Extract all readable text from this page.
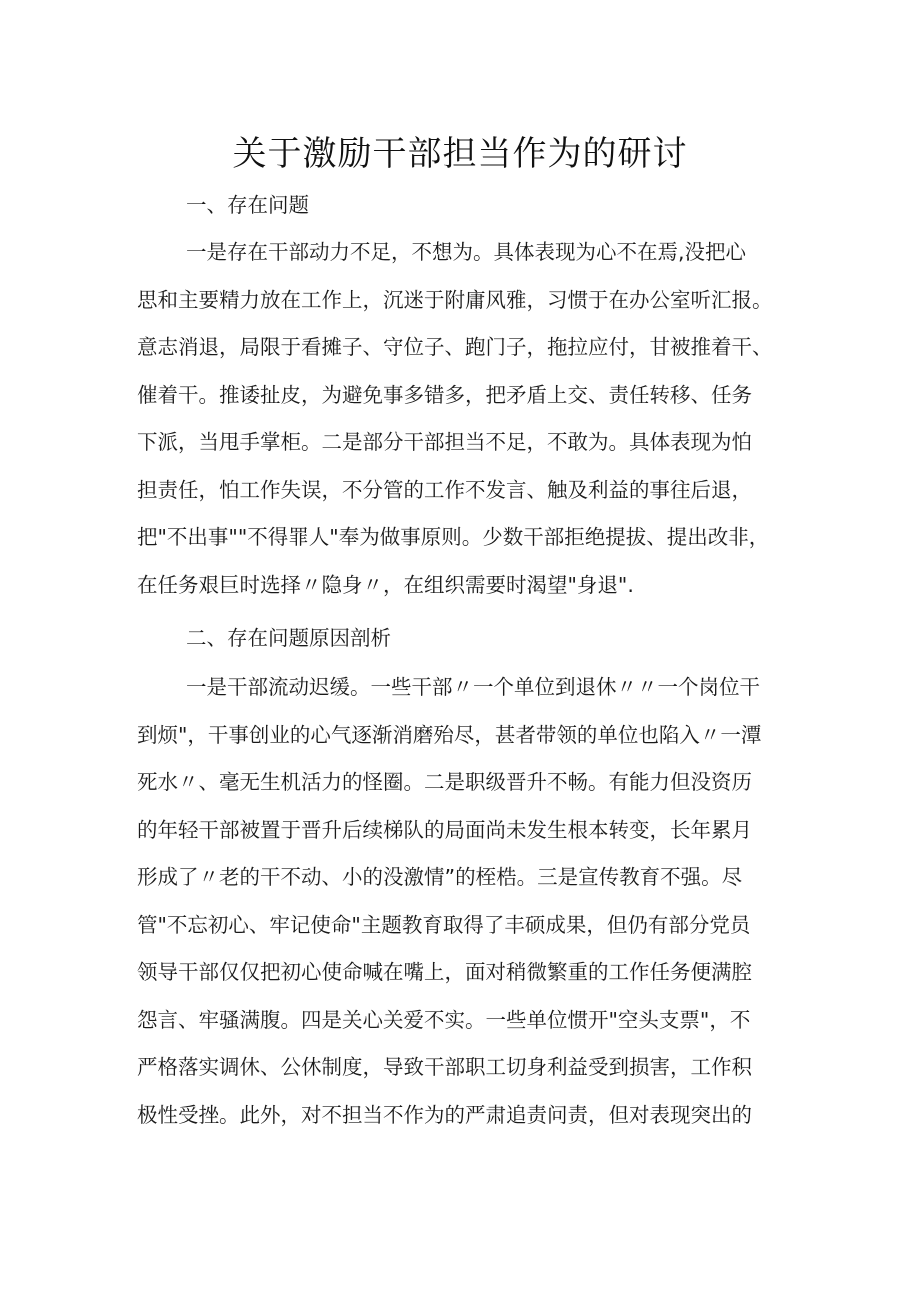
关于激励干部担当作为的研讨
一、存在问题
一是存在干部动力不足，不想为。具体表现为心不在焉,没把心
思和主要精力放在工作上，沉迷于附庸风雅，习惯于在办公室听汇报。
意志消退，局限于看摊子、守位子、跑门子，拖拉应付，甘被推着干、
催着干。推诿扯皮，为避免事多错多，把矛盾上交、责任转移、任务
下派，当甩手掌柜。二是部分干部担当不足，不敢为。具体表现为怕
担责任，怕工作失误，不分管的工作不发言、触及利益的事往后退，
把"不出事""不得罪人"奉为做事原则。少数干部拒绝提拔、提出改非，
在任务艰巨时选择〃隐身〃，在组织需要时渴望"身退".
二、存在问题原因剖析
一是干部流动迟缓。一些干部〃一个单位到退休〃〃一个岗位干
到烦"，干事创业的心气逐渐消磨殆尽，甚者带领的单位也陷入〃一潭
死水〃、毫无生机活力的怪圈。二是职级晋升不畅。有能力但没资历
的年轻干部被置于晋升后续梯队的局面尚未发生根本转变，长年累月
形成了〃老的干不动、小的没激情”的桎梏。三是宣传教育不强。尽
管"不忘初心、牢记使命"主题教育取得了丰硕成果，但仍有部分党员
领导干部仅仅把初心使命喊在嘴上，面对稍微繁重的工作任务便满腔
怨言、牢骚满腹。四是关心关爱不实。一些单位惯开"空头支票"，不
严格落实调休、公休制度，导致干部职工切身利益受到损害，工作积
极性受挫。此外，对不担当不作为的严肃追责问责，但对表现突出的
